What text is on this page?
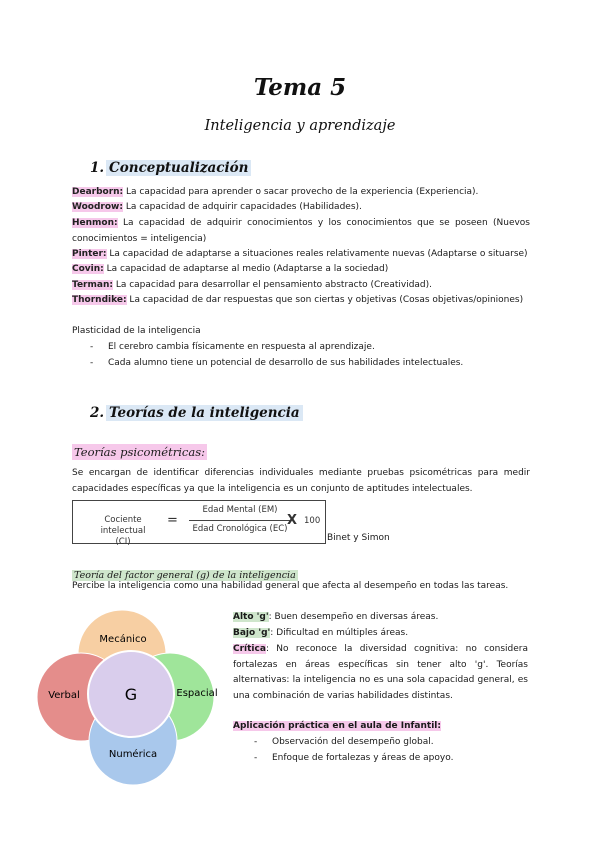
Tema 5
Inteligencia y aprendizaje
1. Conceptualización
Dearborn: La capacidad para aprender o sacar provecho de la experiencia (Experiencia).
Woodrow: La capacidad de adquirir capacidades (Habilidades).
Henmon: La capacidad de adquirir conocimientos y los conocimientos que se poseen (Nuevos conocimientos = inteligencia)
Pinter: La capacidad de adaptarse a situaciones reales relativamente nuevas (Adaptarse o situarse)
Covin: La capacidad de adaptarse al medio (Adaptarse a la sociedad)
Terman: La capacidad para desarrollar el pensamiento abstracto (Creatividad).
Thorndike: La capacidad de dar respuestas que son ciertas y objetivas (Cosas objetivas/opiniones)
Plasticidad de la inteligencia
- El cerebro cambia físicamente en respuesta al aprendizaje.
- Cada alumno tiene un potencial de desarrollo de sus habilidades intelectuales.
2. Teorías de la inteligencia
Teorías psicométricas:
Se encargan de identificar diferencias individuales mediante pruebas psicométricas para medir capacidades específicas ya que la inteligencia es un conjunto de aptitudes intelectuales.
Cociente intelectual
(CI)
=
Edad Mental (EM)
Edad Cronológica (EC)
X 100
Binet y Simon
Teoría del factor general (g) de la inteligencia
Percibe la inteligencia como una habilidad general que afecta al desempeño en todas las tareas.
Mecánico
Verbal	Espacial
Numérica
G
Alto 'g': Buen desempeño en diversas áreas.
Bajo 'g': Dificultad en múltiples áreas.
Crítica: No reconoce la diversidad cognitiva: no considera fortalezas en áreas específicas sin tener alto 'g'. Teorías alternativas: la inteligencia no es una sola capacidad general, es una combinación de varias habilidades distintas.
Aplicación práctica en el aula de Infantil:
- Observación del desempeño global.
- Enfoque de fortalezas y áreas de apoyo.
